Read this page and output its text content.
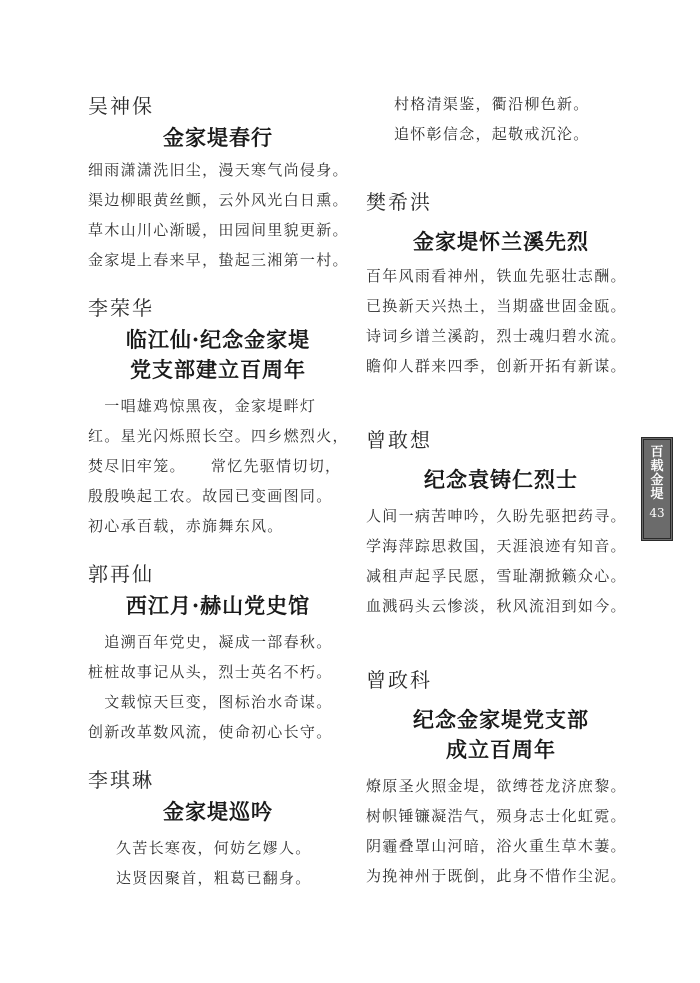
吴神保
金家堤春行
细雨潇潇洗旧尘，漫天寒气尚侵身。
渠边柳眼黄丝颤，云外风光白日熏。
草木山川心渐暖，田园间里貌更新。
金家堤上春来早，蛰起三湘第一村。
李荣华
临江仙·纪念金家堤
党支部建立百周年
　一唱雄鸡惊黑夜，金家堤畔灯
红。星光闪烁照长空。四乡燃烈火，
焚尽旧牢笼。　　常忆先驱情切切，
殷殷唤起工农。故园已变画图同。
初心承百载，赤旆舞东风。
郭再仙
西江月·赫山党史馆
　追溯百年党史，凝成一部春秋。
桩桩故事记从头，烈士英名不朽。
　文载惊天巨变，图标治水奇谋。
创新改革数风流，使命初心长守。
李琪琳
金家堤巡吟
久苦长寒夜，何妨乞嫪人。
达贤因聚首，粗葛已翻身。
村格清渠鉴，衢沿柳色新。
追怀彰信念，起敬戒沉沦。
樊希洪
金家堤怀兰溪先烈
百年风雨看神州，铁血先驱壮志酬。
已换新天兴热土，当期盛世固金瓯。
诗词乡谱兰溪韵，烈士魂归碧水流。
瞻仰人群来四季，创新开拓有新谋。
曾敢想
纪念袁铸仁烈士
人间一病苦呻吟，久盼先驱把药寻。
学海萍踪思救国，天涯浪迹有知音。
减租声起孚民愿，雪耻潮掀籁众心。
血溅码头云惨淡，秋风流泪到如今。
曾政科
纪念金家堤党支部
成立百周年
燎原圣火照金堤，欲缚苍龙济庶黎。
树帜锤镰凝浩气，殒身志士化虹霓。
阴霾叠罩山河暗，浴火重生草木萋。
为挽神州于既倒，此身不惜作尘泥。
百载金堤
43
